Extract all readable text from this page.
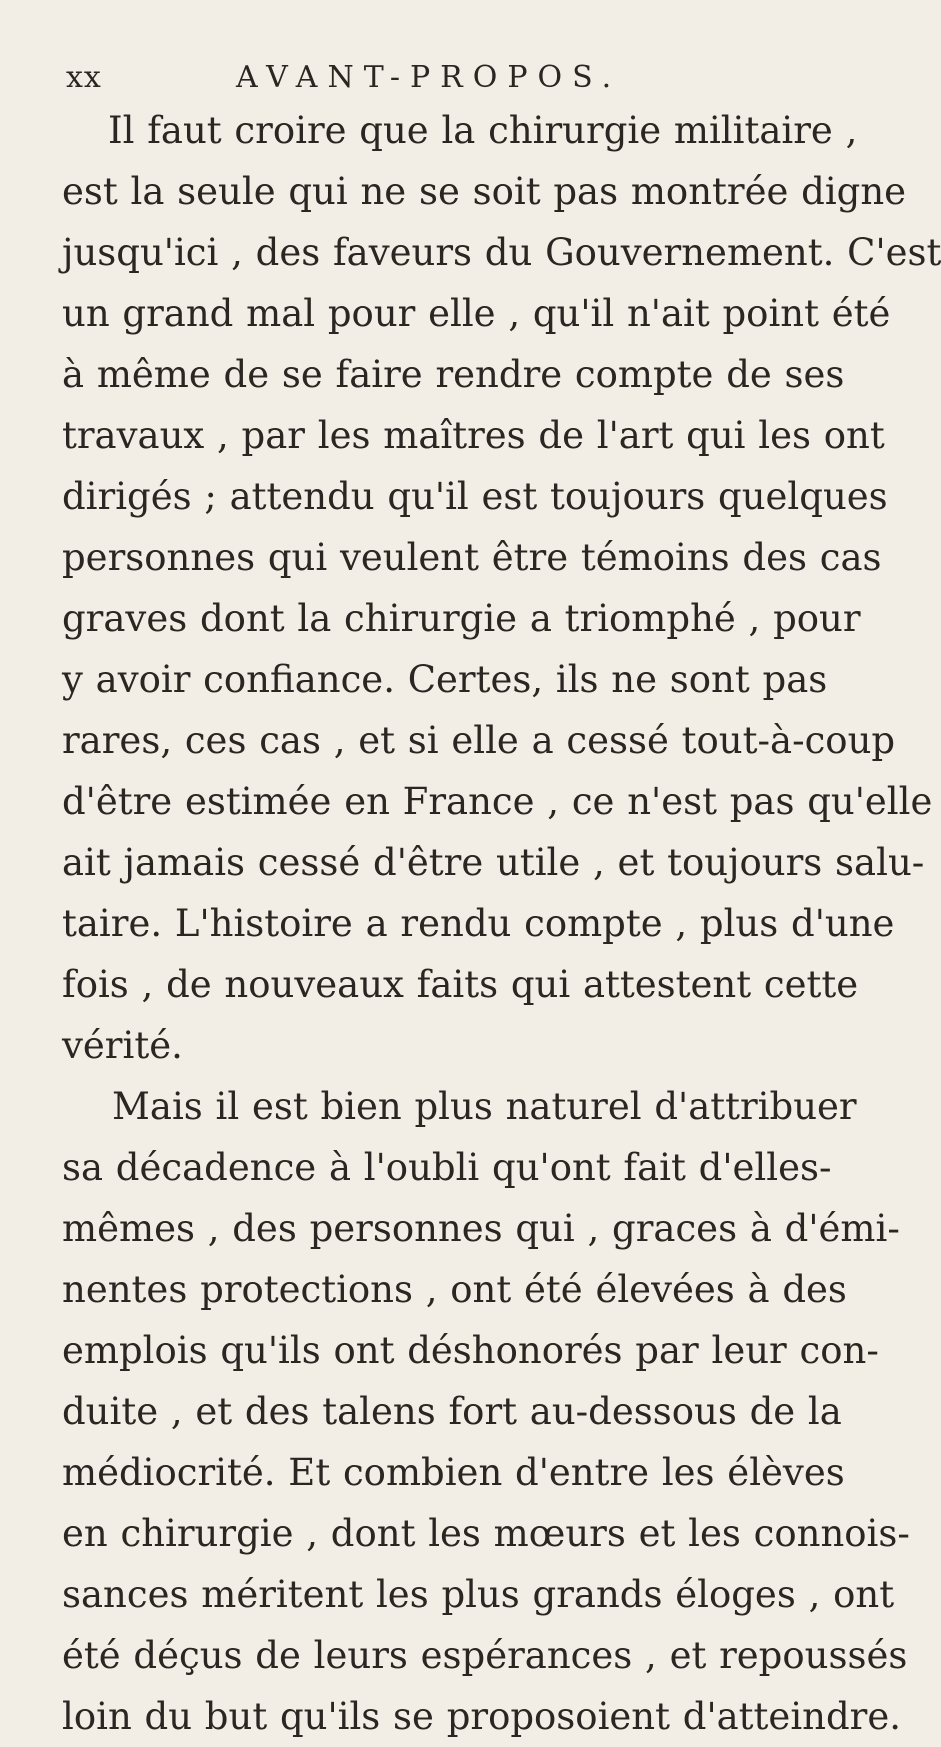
xx	AVANT-PROPOS.

Il faut croire que la chirurgie militaire ,
est la seule qui ne se soit pas montrée digne
jusqu'ici , des faveurs du Gouvernement. C'est
un grand mal pour elle , qu'il n'ait point été
à même de se faire rendre compte de ses
travaux , par les maîtres de l'art qui les ont
dirigés ; attendu qu'il est toujours quelques
personnes qui veulent être témoins des cas
graves dont la chirurgie a triomphé , pour
y avoir confiance. Certes, ils ne sont pas
rares, ces cas , et si elle a cessé tout-à-coup
d'être estimée en France , ce n'est pas qu'elle
ait jamais cessé d'être utile , et toujours salu-
taire. L'histoire a rendu compte , plus d'une
fois , de nouveaux faits qui attestent cette
vérité.

Mais il est bien plus naturel d'attribuer
sa décadence à l'oubli qu'ont fait d'elles-
mêmes , des personnes qui , graces à d'émi-
nentes protections , ont été élevées à des
emplois qu'ils ont déshonorés par leur con-
duite , et des talens fort au-dessous de la
médiocrité. Et combien d'entre les élèves
en chirurgie , dont les mœurs et les connois-
sances méritent les plus grands éloges , ont
été déçus de leurs espérances , et repoussés
loin du but qu'ils se proposoient d'atteindre.
